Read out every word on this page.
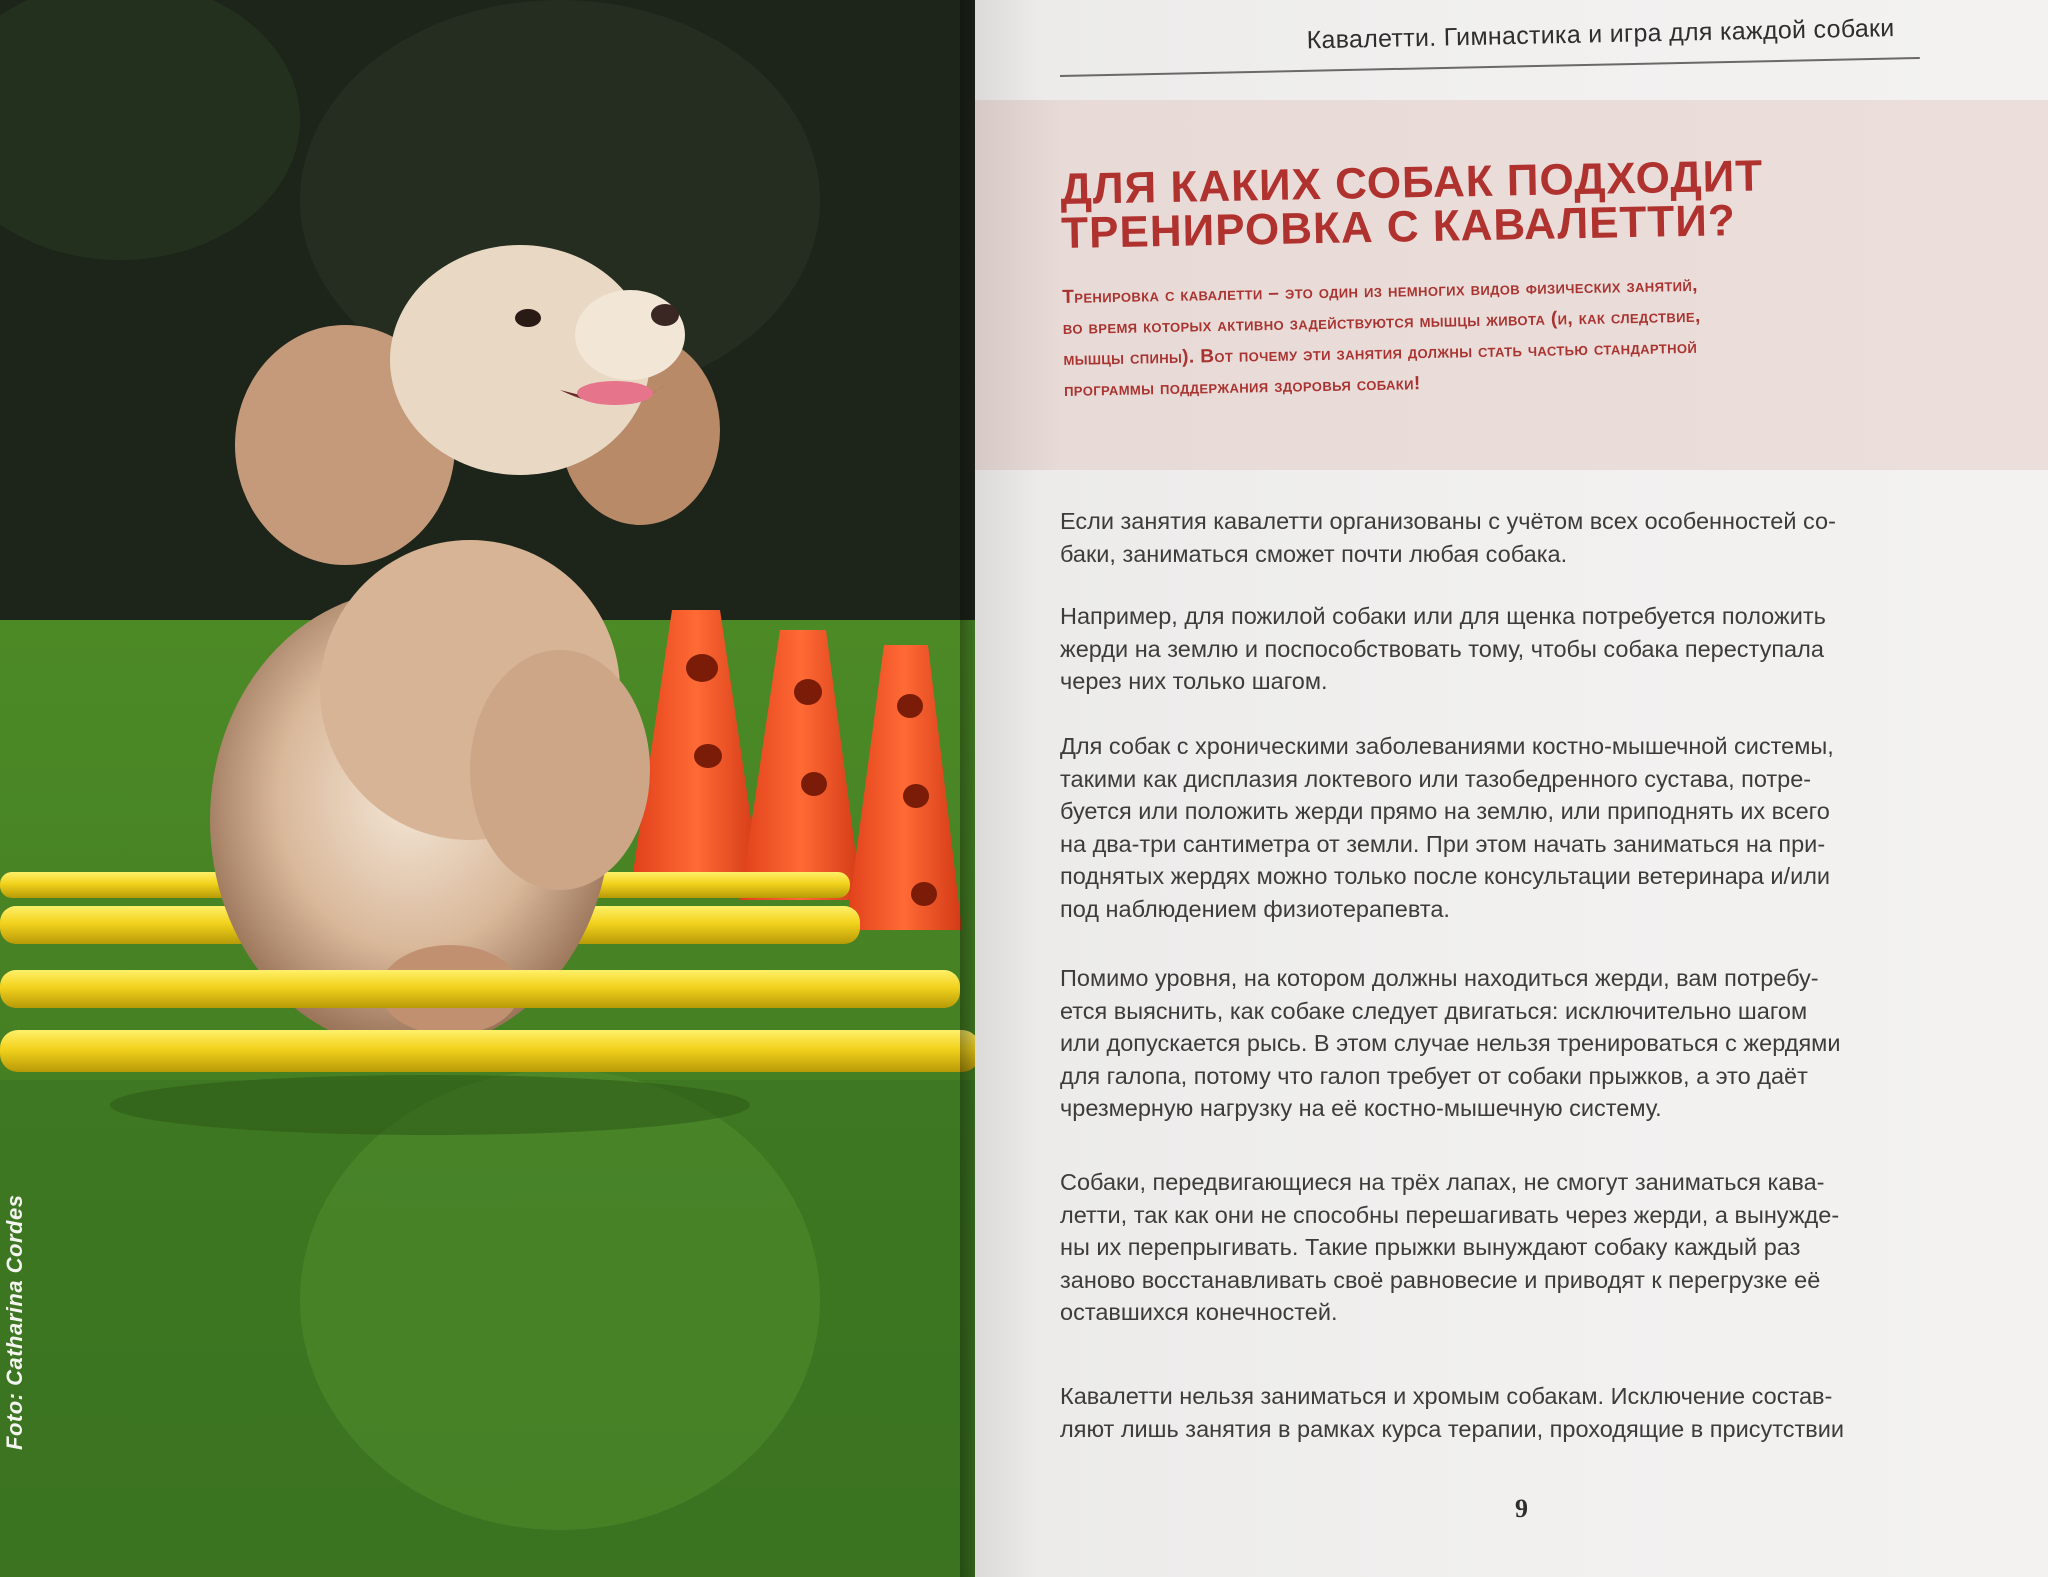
Foto: Catharina Cordes
Кавалетти. Гимнастика и игра для каждой собаки
ДЛЯ КАКИХ СОБАК ПОДХОДИТ
ТРЕНИРОВКА С КАВАЛЕТТИ?
Тренировка с кавалетти – это один из немногих видов физических занятий,
во время которых активно задействуются мышцы живота (и, как следствие,
мышцы спины). Вот почему эти занятия должны стать частью стандартной
программы поддержания здоровья собаки!
Если занятия кавалетти организованы с учётом всех особенностей со-
баки, заниматься сможет почти любая собака.
Например, для пожилой собаки или для щенка потребуется положить
жерди на землю и поспособствовать тому, чтобы собака переступала
через них только шагом.
Для собак с хроническими заболеваниями костно-мышечной системы,
такими как дисплазия локтевого или тазобедренного сустава, потре-
буется или положить жерди прямо на землю, или приподнять их всего
на два-три сантиметра от земли. При этом начать заниматься на при-
поднятых жердях можно только после консультации ветеринара и/или
под наблюдением физиотерапевта.
Помимо уровня, на котором должны находиться жерди, вам потребу-
ется выяснить, как собаке следует двигаться: исключительно шагом
или допускается рысь. В этом случае нельзя тренироваться с жердями
для галопа, потому что галоп требует от собаки прыжков, а это даёт
чрезмерную нагрузку на её костно-мышечную систему.
Собаки, передвигающиеся на трёх лапах, не смогут заниматься кава-
летти, так как они не способны перешагивать через жерди, а вынужде-
ны их перепрыгивать. Такие прыжки вынуждают собаку каждый раз
заново восстанавливать своё равновесие и приводят к перегрузке её
оставшихся конечностей.
Кавалетти нельзя заниматься и хромым собакам. Исключение состав-
ляют лишь занятия в рамках курса терапии, проходящие в присутствии
9
